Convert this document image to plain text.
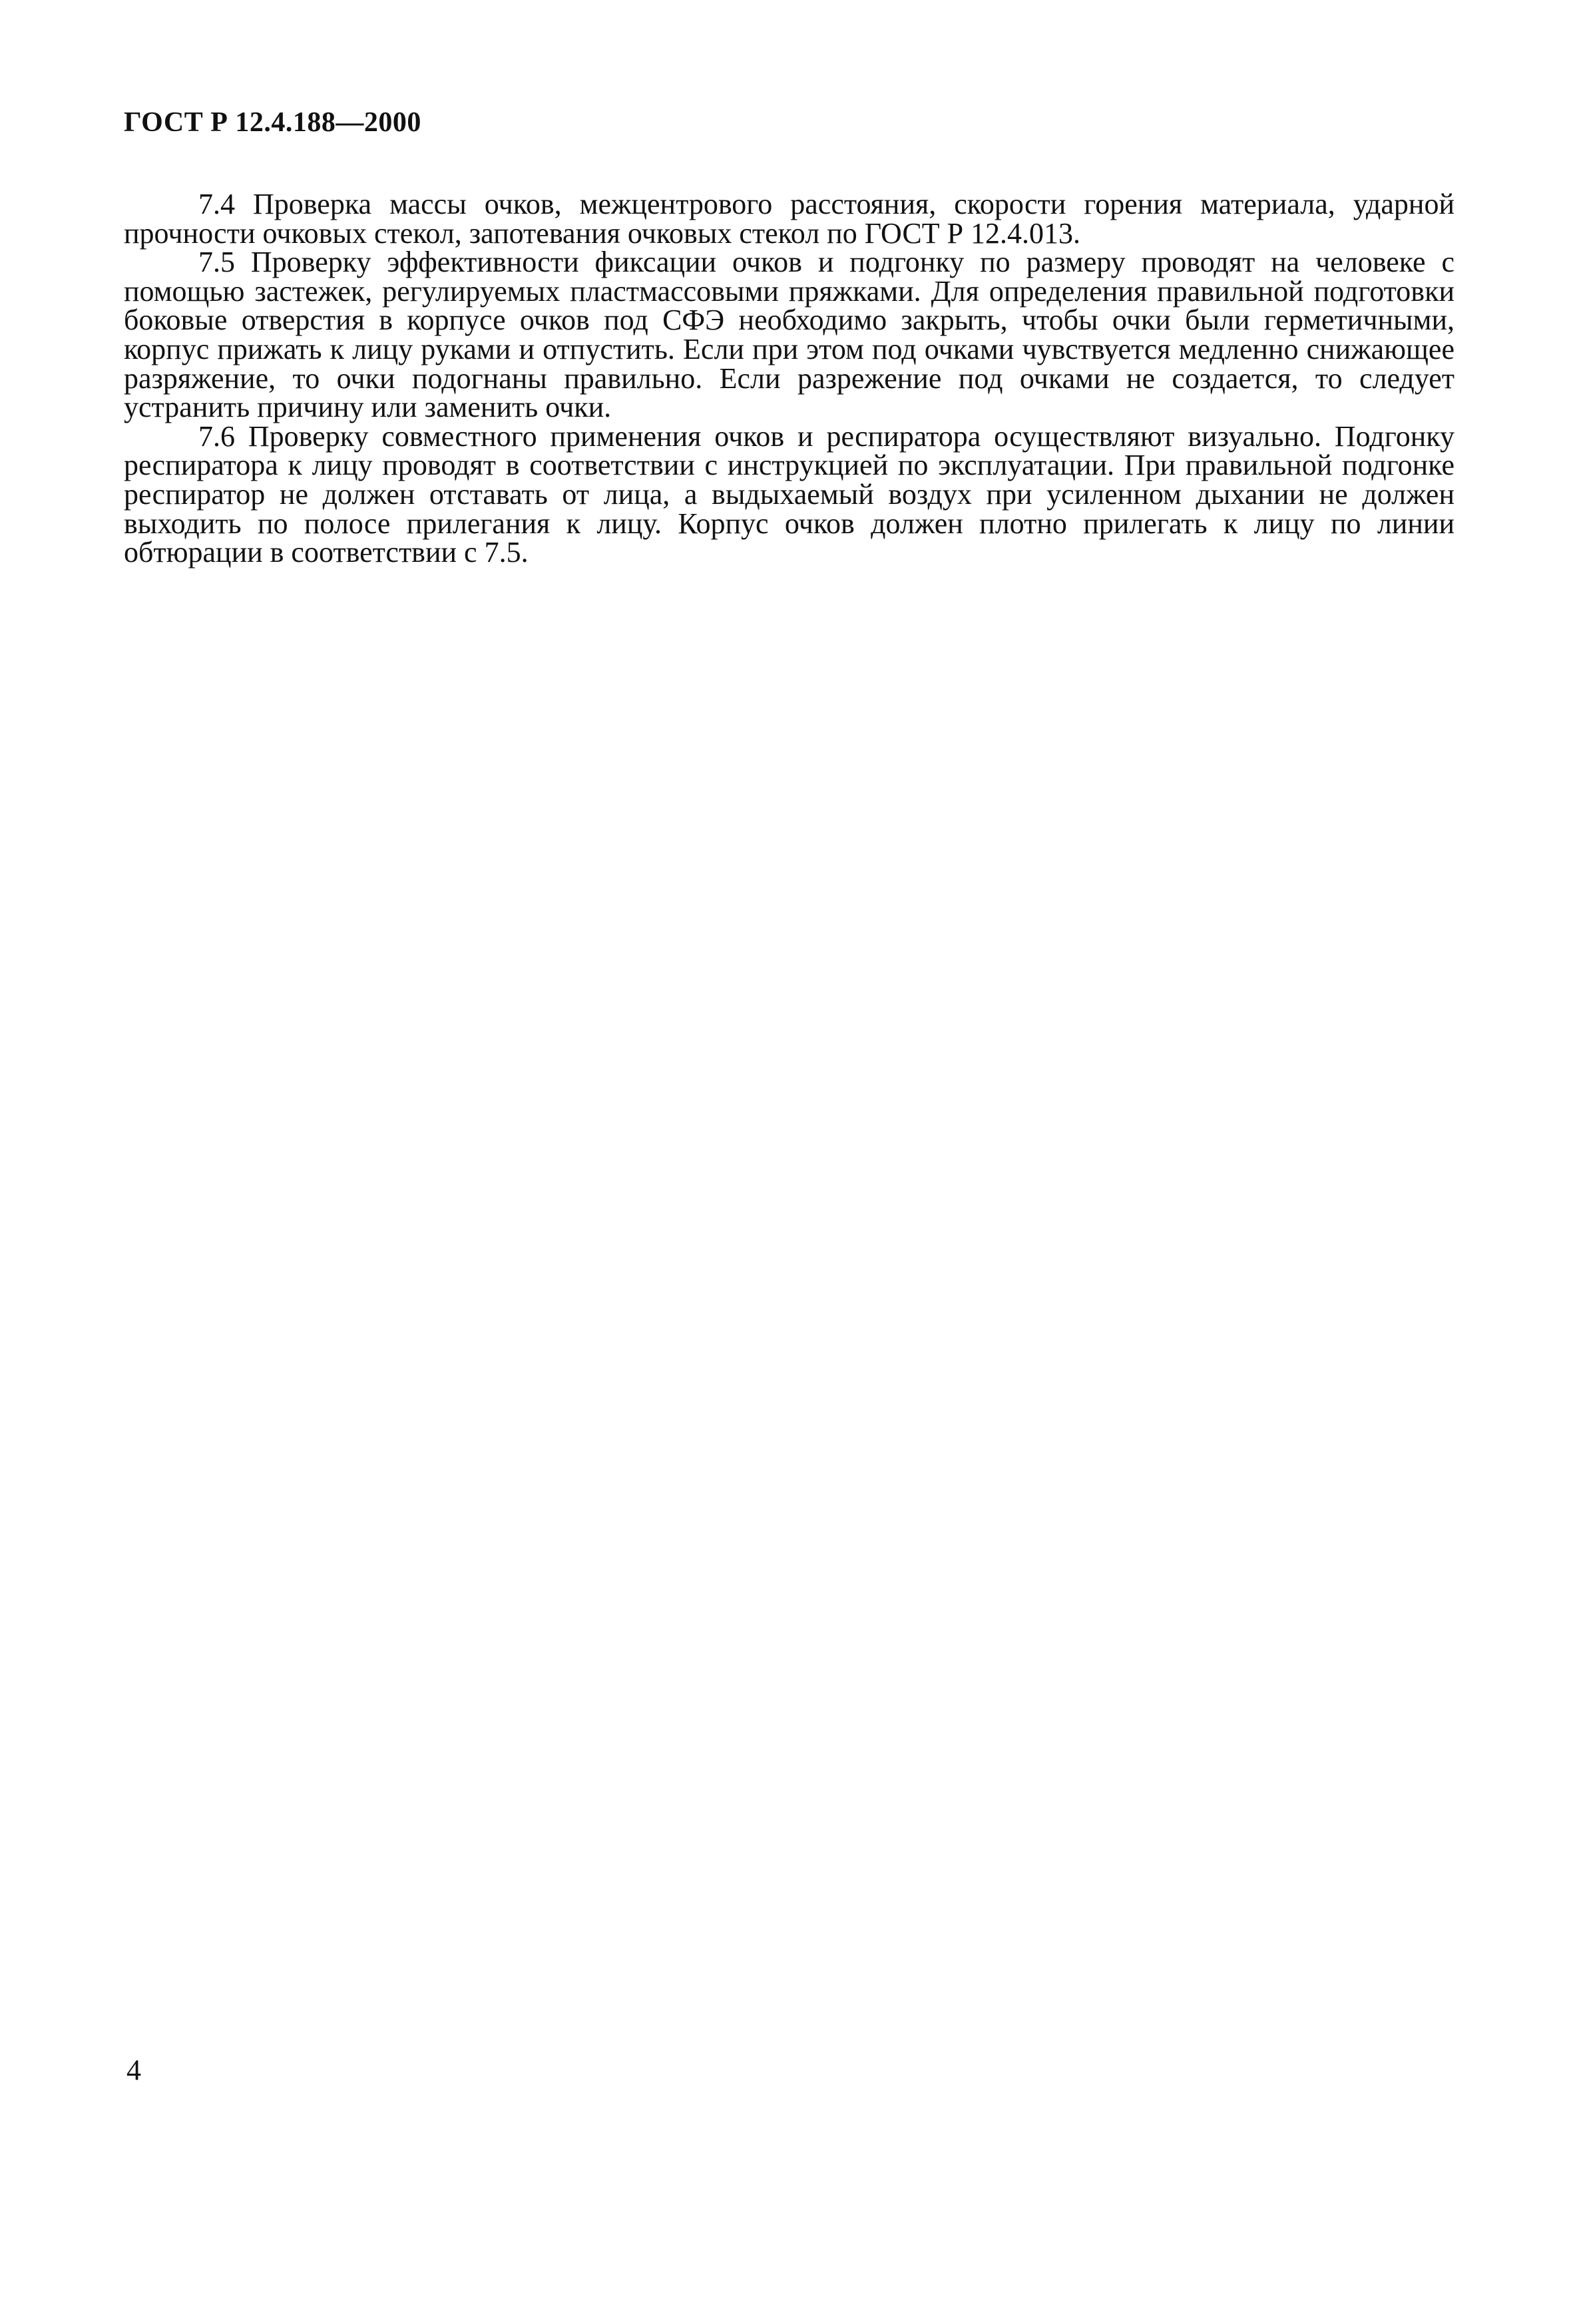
ГОСТ Р 12.4.188—2000

7.4 Проверка массы очков, межцентрового расстояния, скорости горения материала, ударной прочности очковых стекол, запотевания очковых стекол по ГОСТ Р 12.4.013.

7.5 Проверку эффективности фиксации очков и подгонку по размеру проводят на человеке с помощью застежек, регулируемых пластмассовыми пряжками. Для определения правильной подготовки боковые отверстия в корпусе очков под СФЭ необходимо закрыть, чтобы очки были герметичными, корпус прижать к лицу руками и отпустить. Если при этом под очками чувствуется медленно снижающее разряжение, то очки подогнаны правильно. Если разрежение под очками не создается, то следует устранить причину или заменить очки.

7.6 Проверку совместного применения очков и респиратора осуществляют визуально. Подгонку респиратора к лицу проводят в соответствии с инструкцией по эксплуатации. При правильной подгонке респиратор не должен отставать от лица, а выдыхаемый воздух при усиленном дыхании не должен выходить по полосе прилегания к лицу. Корпус очков должен плотно прилегать к лицу по линии обтюрации в соответствии с 7.5.

4
